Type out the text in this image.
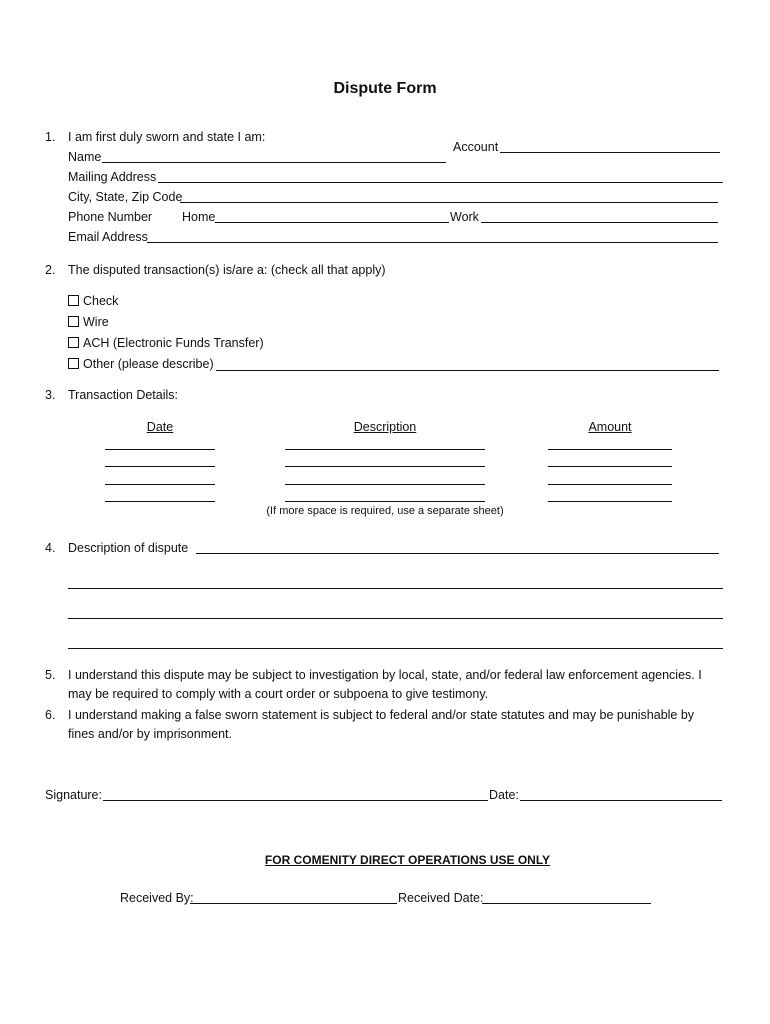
Dispute Form
1.	I am first duly sworn and state I am:
Account
Name
Mailing Address
City, State, Zip Code
Phone Number Home	Work
Email Address
2.	The disputed transaction(s) is/are a: (check all that apply)
Check
Wire
ACH (Electronic Funds Transfer)
Other (please describe)
3.	Transaction Details:
Date	Description	Amount
(If more space is required, use a separate sheet)
4.	Description of dispute
5.	I understand this dispute may be subject to investigation by local, state, and/or federal law enforcement agencies. I
may be required to comply with a court order or subpoena to give testimony.
6.	I understand making a false sworn statement is subject to federal and/or state statutes and may be punishable by
fines and/or by imprisonment.
Signature:	Date:
FOR COMENITY DIRECT OPERATIONS USE ONLY
Received By:	Received Date:
